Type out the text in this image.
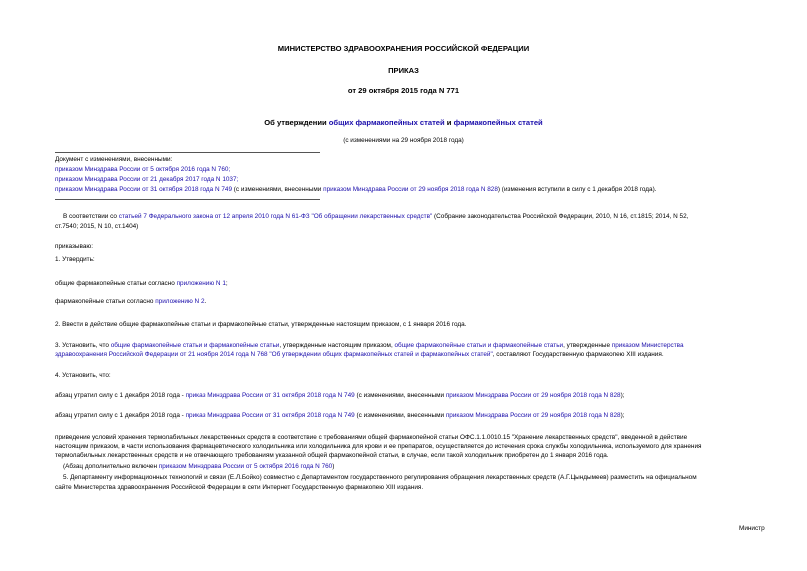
МИНИСТЕРСТВО ЗДРАВООХРАНЕНИЯ РОССИЙСКОЙ ФЕДЕРАЦИИ
ПРИКАЗ
от 29 октября 2015 года N 771
Об утверждении общих фармакопейных статей и фармакопейных статей
(с изменениями на 29 ноября 2018 года)
Документ с изменениями, внесенными:
приказом Минздрава России от 5 октября 2016 года N 760;
приказом Минздрава России от 21 декабря 2017 года N 1037;
приказом Минздрава России от 31 октября 2018 года N 749 (с изменениями, внесенными приказом Минздрава России от 29 ноября 2018 года N 828) (изменения вступили в силу с 1 декабря 2018 года).
В соответствии со статьей 7 Федерального закона от 12 апреля 2010 года N 61-ФЗ "Об обращении лекарственных средств" (Собрание законодательства Российской Федерации, 2010, N 16, ст.1815; 2014, N 52,
ст.7540; 2015, N 10, ст.1404)
приказываю:
1. Утвердить:
общие фармакопейные статьи согласно приложению N 1;
фармакопейные статьи согласно приложению N 2.
2. Ввести в действие общие фармакопейные статьи и фармакопейные статьи, утвержденные настоящим приказом, с 1 января 2016 года.
3. Установить, что общие фармакопейные статьи и фармакопейные статьи, утвержденные настоящим приказом, общие фармакопейные статьи и фармакопейные статьи, утвержденные приказом Министерства
здравоохранения Российской Федерации от 21 ноября 2014 года N 768 "Об утверждении общих фармакопейных статей и фармакопейных статей", составляют Государственную фармакопею XIII издания.
4. Установить, что:
абзац утратил силу с 1 декабря 2018 года - приказ Минздрава России от 31 октября 2018 года N 749 (с изменениями, внесенными приказом Минздрава России от 29 ноября 2018 года N 828);
абзац утратил силу с 1 декабря 2018 года - приказ Минздрава России от 31 октября 2018 года N 749 (с изменениями, внесенными приказом Минздрава России от 29 ноября 2018 года N 828);
приведение условий хранения термолабильных лекарственных средств в соответствие с требованиями общей фармакопейной статьи ОФС.1.1.0010.15 "Хранение лекарственных средств", введенной в действие
настоящим приказом, в части использования фармацевтического холодильника или холодильника для крови и ее препаратов, осуществляется до истечения срока службы холодильника, используемого для хранения
термолабильных лекарственных средств и не отвечающего требованиям указанной общей фармакопейной статьи, в случае, если такой холодильник приобретен до 1 января 2016 года.
(Абзац дополнительно включен приказом Минздрава России от 5 октября 2016 года N 760)
5. Департаменту информационных технологий и связи (Е.Л.Бойко) совместно с Департаментом государственного регулирования обращения лекарственных средств (А.Г.Цындымеев) разместить на официальном
сайте Министерства здравоохранения Российской Федерации в сети Интернет Государственную фармакопею XIII издания.
Министр
